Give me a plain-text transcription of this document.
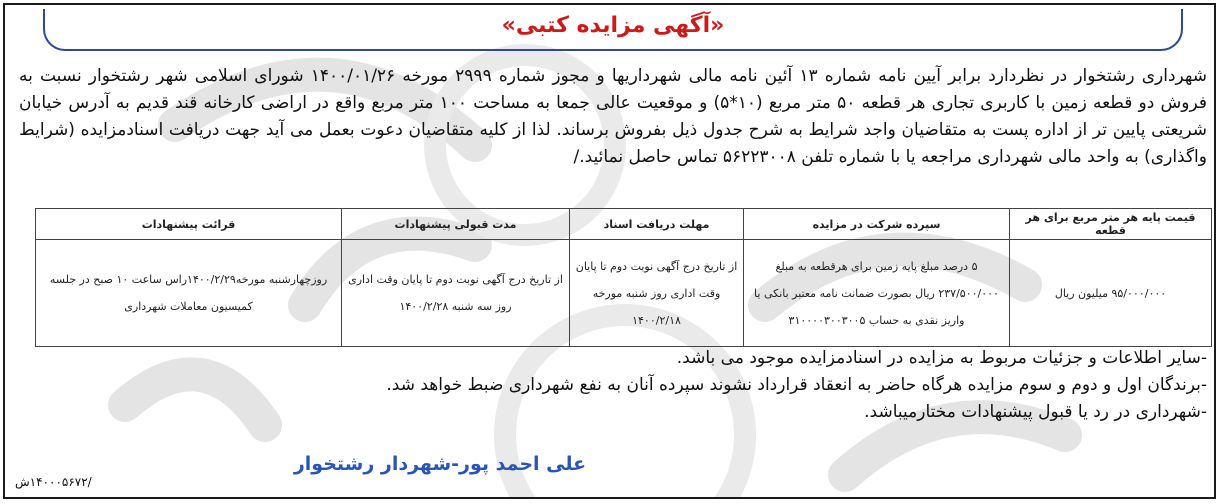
«آگهی مزایده کتبی»

شهرداری رشتخوار در نظردارد برابر آیین نامه شماره ۱۳ آئین نامه مالی شهرداریها و مجوز شماره ۲۹۹۹ مورخه ۱۴۰۰/۰۱/۲۶ شورای اسلامی شهر رشتخوار نسبت به فروش دو قطعه زمین با کاربری تجاری هر قطعه ۵۰ متر مربع (۱۰*۵) و موقعیت عالی جمعا به مساحت ۱۰۰ متر مربع واقع در اراضی کارخانه قند قدیم به آدرس خیابان شریعتی پایین تر از اداره پست به متقاضیان واجد شرایط به شرح جدول ذیل بفروش برساند. لذا از کلیه متقاضیان دعوت بعمل می آید جهت دریافت اسنادمزایده (شرایط واگذاری) به واحد مالی شهرداری مراجعه یا با شماره تلفن ۵۶۲۲۳۰۰۸ تماس حاصل نمائید./

قیمت پایه هر متر مربع برای هر قطعه	سپرده شرکت در مزایده	مهلت دریافت اسناد	مدت قبولی پیشنهادات	قرائت پیشنهادات
۹۵/۰۰۰/۰۰۰ میلیون ریال	۵ درصد مبلغ پایه زمین برای هرقطعه به مبلغ ۲۳۷/۵۰۰/۰۰۰ ریال بصورت ضمانت نامه معتبر بانکی یا واریز نقدی به حساب ۳۱۰۰۰۰۳۰۰۳۰۰۵	از تاریخ درج آگهی نوبت دوم تا پایان وقت اداری روز شنبه مورخه ۱۴۰۰/۲/۱۸	از تاریخ درج آگهی نوبت دوم تا پایان وقت اداری روز سه شنبه ۱۴۰۰/۲/۲۸	روزچهارشنبه مورخه۱۴۰۰/۲/۲۹راس ساعت ۱۰ صبح در جلسه کمیسیون معاملات شهرداری
-سایر اطلاعات و جزئیات مربوط به مزایده در اسنادمزایده موجود می باشد.
-برندگان اول و دوم و سوم مزایده هرگاه حاضر به انعقاد قرارداد نشوند سپرده آنان به نفع شهرداری ضبط خواهد شد.
-شهرداری در رد یا قبول پیشنهادات مختارمیباشد.
علی احمد پور-شهردار رشتخوار
/۱۴۰۰۰۵۶۷۲ش
